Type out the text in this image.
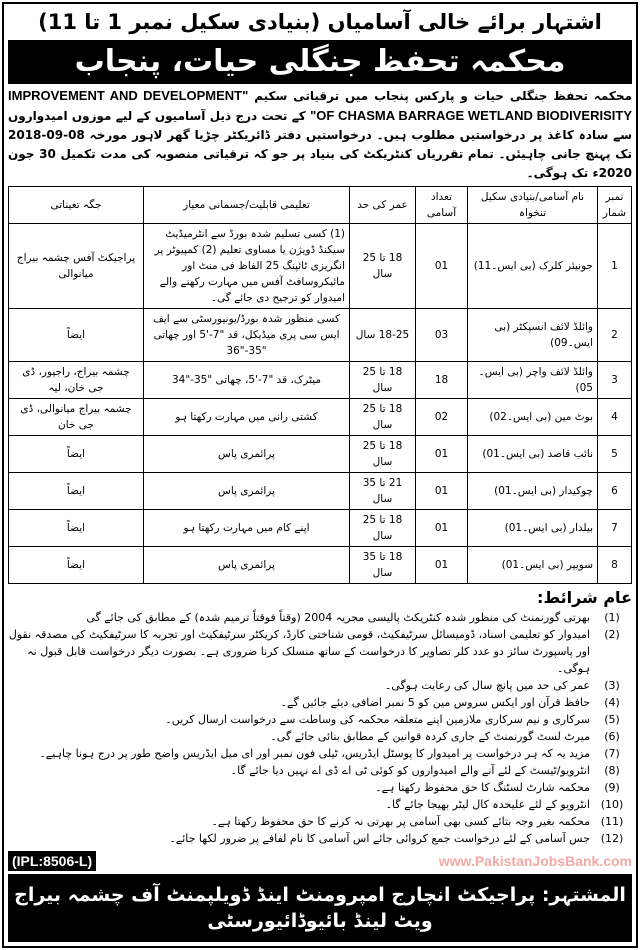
اشتہار برائے خالی آسامیاں (بنیادی سکیل نمبر 1 تا 11)
محکمہ تحفظ جنگلی حیات، پنجاب
محکمہ تحفظ جنگلی حیات و پارکس پنجاب میں ترقیاتی سکیم "IMPROVEMENT AND DEVELOPMENT OF CHASMA BARRAGE WETLAND BIODIVERISITY" کے تحت درج ذیل آسامیوں کے لیے موزوں امیدواروں سے سادہ کاغذ پر درخواستیں مطلوب ہیں۔ درخواستیں دفتر ڈائریکٹر چڑیا گھر لاہور مورخہ 08-09-2018 تک پہنچ جانی چاہیئں۔ تمام تقرریاں کنٹریکٹ کی بنیاد پر جو کہ ترقیاتی منصوبہ کی مدت تکمیل 30 جون 2020ء تک ہوگی۔
نمبر شمار	نام آسامی/بنیادی سکیل تنخواہ	تعداد آسامی	عمر کی حد	تعلیمی قابلیت/جسمانی معیار	جگہ تعیناتی
1	جونیئر کلرک (بی ایس۔11)	01	18 تا 25 سال	(1) کسی تسلیم شدہ بورڈ سے انٹرمیڈیٹ سیکنڈ ڈویژن یا مساوی تعلیم (2) کمپیوٹر پر انگریزی ٹائپنگ 25 الفاظ فی منٹ اور مائیکروسافٹ آفس میں مہارت رکھنے والے امیدوار کو ترجیح دی جائے گی۔	پراجیکٹ آفس چشمہ بیراج میانوالی
2	وائلڈ لائف انسپکٹر (بی ایس۔09)	03	18-25 سال	کسی منظور شدہ بورڈ/یونیورسٹی سے ایف ایس سی پری میڈیکل، قد "7-'5 اور چھاتی "35-"36	ایضاً
3	وائلڈ لائف واچر (بی ایس۔05)	18	18 تا 25 سال	میٹرک، قد "7-'5، چھاتی "35-"34	چشمہ بیراج، راجپور، ڈی جی خان، لیہ
4	بوٹ مین (بی ایس۔02)	02	18 تا 25 سال	کشتی رانی میں مہارت رکھتا ہو	چشمہ بیراج میانوالی، ڈی جی خان
5	نائب قاصد (بی ایس۔01)	01	18 تا 25 سال	پرائمری پاس	ایضاً
6	چوکیدار (بی ایس۔01)	01	21 تا 35 سال	پرائمری پاس	ایضاً
7	بیلدار (بی ایس۔01)	01	18 تا 25 سال	اپنے کام میں مہارت رکھتا ہو	ایضاً
8	سویپر (بی ایس۔01)	01	18 تا 35 سال	پرائمری پاس	ایضاً
عام شرائط:
(1)
بھرتی گورنمنٹ کی منظور شدہ کنٹریکٹ پالیسی مجریہ 2004 (وقتاً فوقتاً ترمیم شدہ) کے مطابق کی جائے گی
(2)
امیدوار کو تعلیمی اسناد، ڈومیسائل سرٹیفکیٹ، قومی شناختی کارڈ، کریکٹر سرٹیفکیٹ اور تجربہ کا سرٹیفکیٹ کی مصدقہ نقول اور پاسپورٹ سائز دو عدد کلر تصاویر کا درخواست کے ساتھ منسلک کرنا ضروری ہے۔ بصورت دیگر درخواست قابل قبول نہ ہوگی۔
(3)
عمر کی حد میں پانچ سال کی رعایت ہوگی۔
(4)
حافظ قرآن اور ایکس سروس مین کو 5 نمبر اضافی دیئے جائیں گے۔
(5)
سرکاری و نیم سرکاری ملازمین اپنے متعلقہ محکمہ کی وساطت سے درخواست ارسال کریں۔
(6)
میرٹ لسٹ گورنمنٹ کے جاری کردہ قوانین کے مطابق بنائی جائے گی۔
(7)
مزید یہ کہ ہر درخواست پر امیدوار کا پوسٹل ایڈریس، ٹیلی فون نمبر اور ای میل ایڈریس واضح طور پر درج ہونا چاہیے۔
(8)
انٹرویو/ٹیسٹ کے لئے آنے والے امیدواروں کو کوئی ٹی اے ڈی اے نہیں دیا جائے گا۔
(9)
محکمہ شارٹ لسٹنگ کا حق محفوظ رکھتا ہے۔
(10)
انٹرویو کے لئے علیحدہ کال لیٹر بھیجا جائے گا۔
(11)
محکمہ بغیر وجہ بتائے کسی بھی آسامی پر بھرتی نہ کرنے کا حق محفوظ رکھتا ہے۔
(12)
جس آسامی کے لئے درخواست جمع کروائی جائے اس آسامی کا نام لفافے پر ضرور لکھا جائے۔
(IPL:8506-L)	www.PakistanJobsBank.com
المشتہر: پراجیکٹ انچارج امپرومنٹ اینڈ ڈویلپمنٹ آف چشمہ بیراج ویٹ لینڈ بائیوڈائیورسٹی
